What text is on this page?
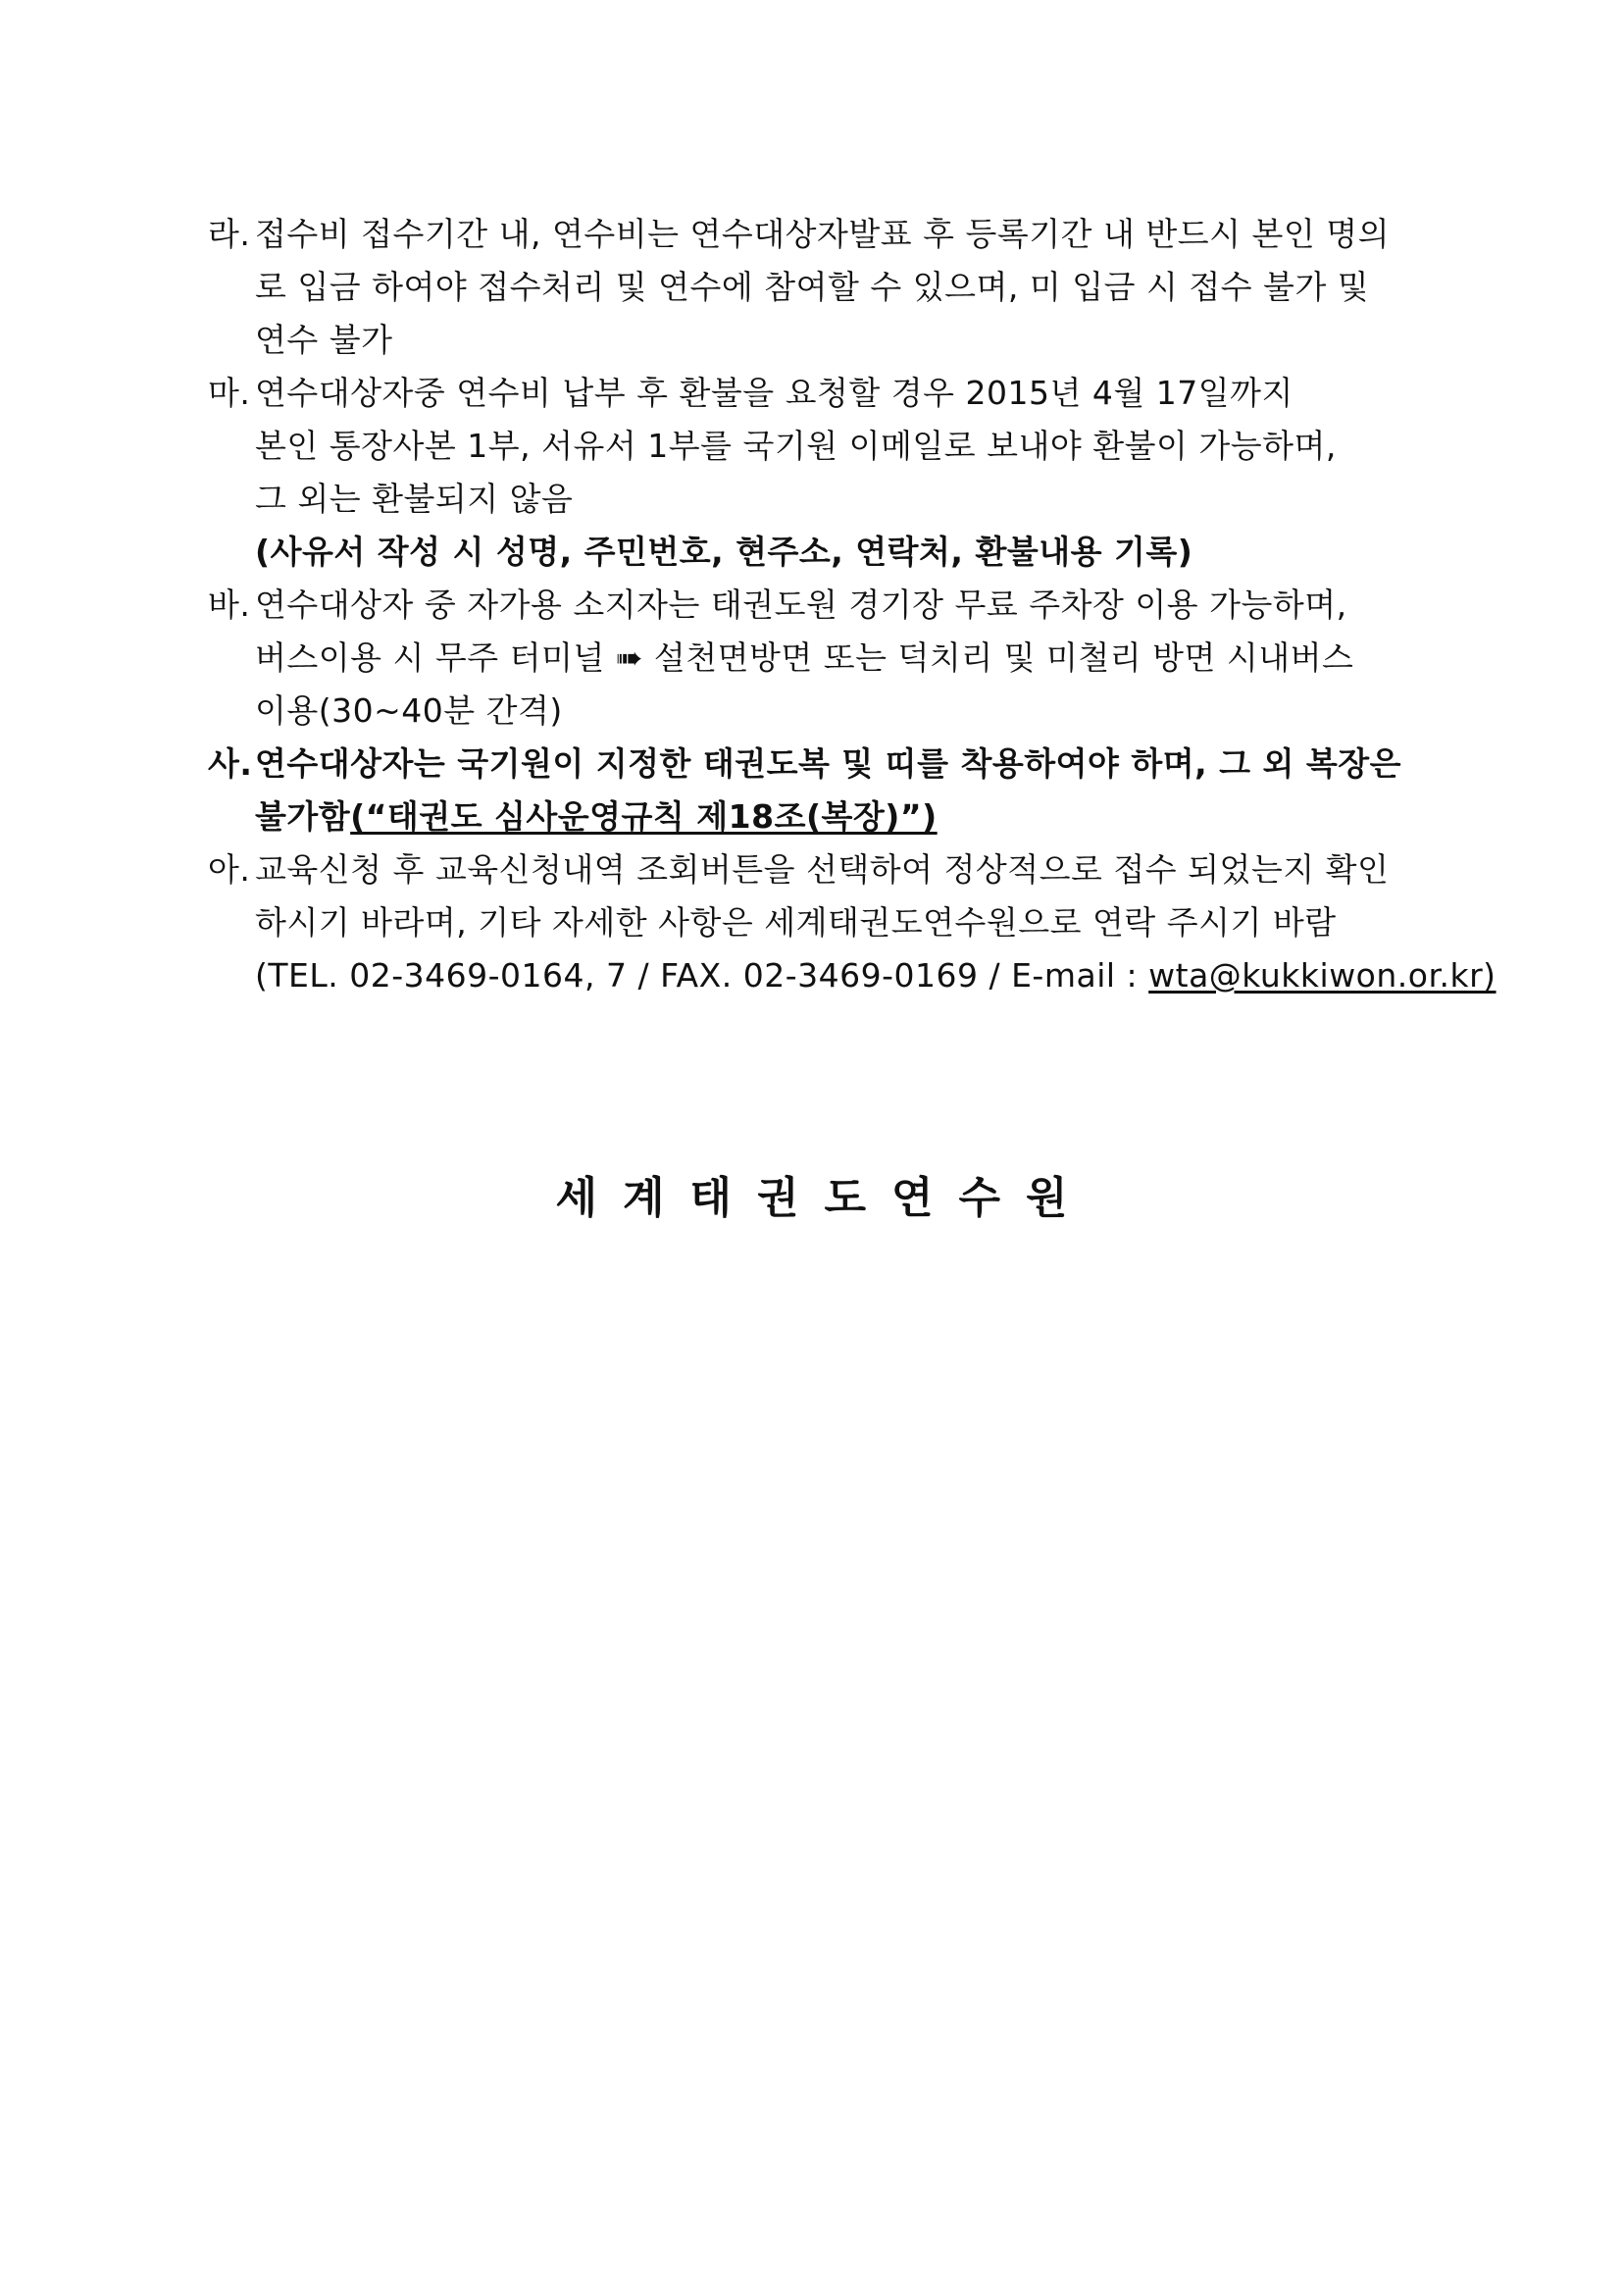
라. 접수비 접수기간 내, 연수비는 연수대상자발표 후 등록기간 내 반드시 본인 명의
로 입금 하여야 접수처리 및 연수에 참여할 수 있으며, 미 입금 시 접수 불가 및
연수 불가
마. 연수대상자중 연수비 납부 후 환불을 요청할 경우 2015년 4월 17일까지
본인 통장사본 1부, 서유서 1부를 국기원 이메일로 보내야 환불이 가능하며,
그 외는 환불되지 않음
(사유서 작성 시 성명, 주민번호, 현주소, 연락처, 환불내용 기록)
바. 연수대상자 중 자가용 소지자는 태권도원 경기장 무료 주차장 이용 가능하며,
버스이용 시 무주 터미널 ➠ 설천면방면 또는 덕치리 및 미철리 방면 시내버스
이용(30~40분 간격)
사. 연수대상자는 국기원이 지정한 태권도복 및 띠를 착용하여야 하며, 그 외 복장은
불가함(“태권도 심사운영규칙 제18조(복장)”)
아. 교육신청 후 교육신청내역 조회버튼을 선택하여 정상적으로 접수 되었는지 확인
하시기 바라며, 기타 자세한 사항은 세계태권도연수원으로 연락 주시기 바람
(TEL. 02-3469-0164, 7 / FAX. 02-3469-0169 / E-mail : wta@kukkiwon.or.kr)
세계태권도연수원
